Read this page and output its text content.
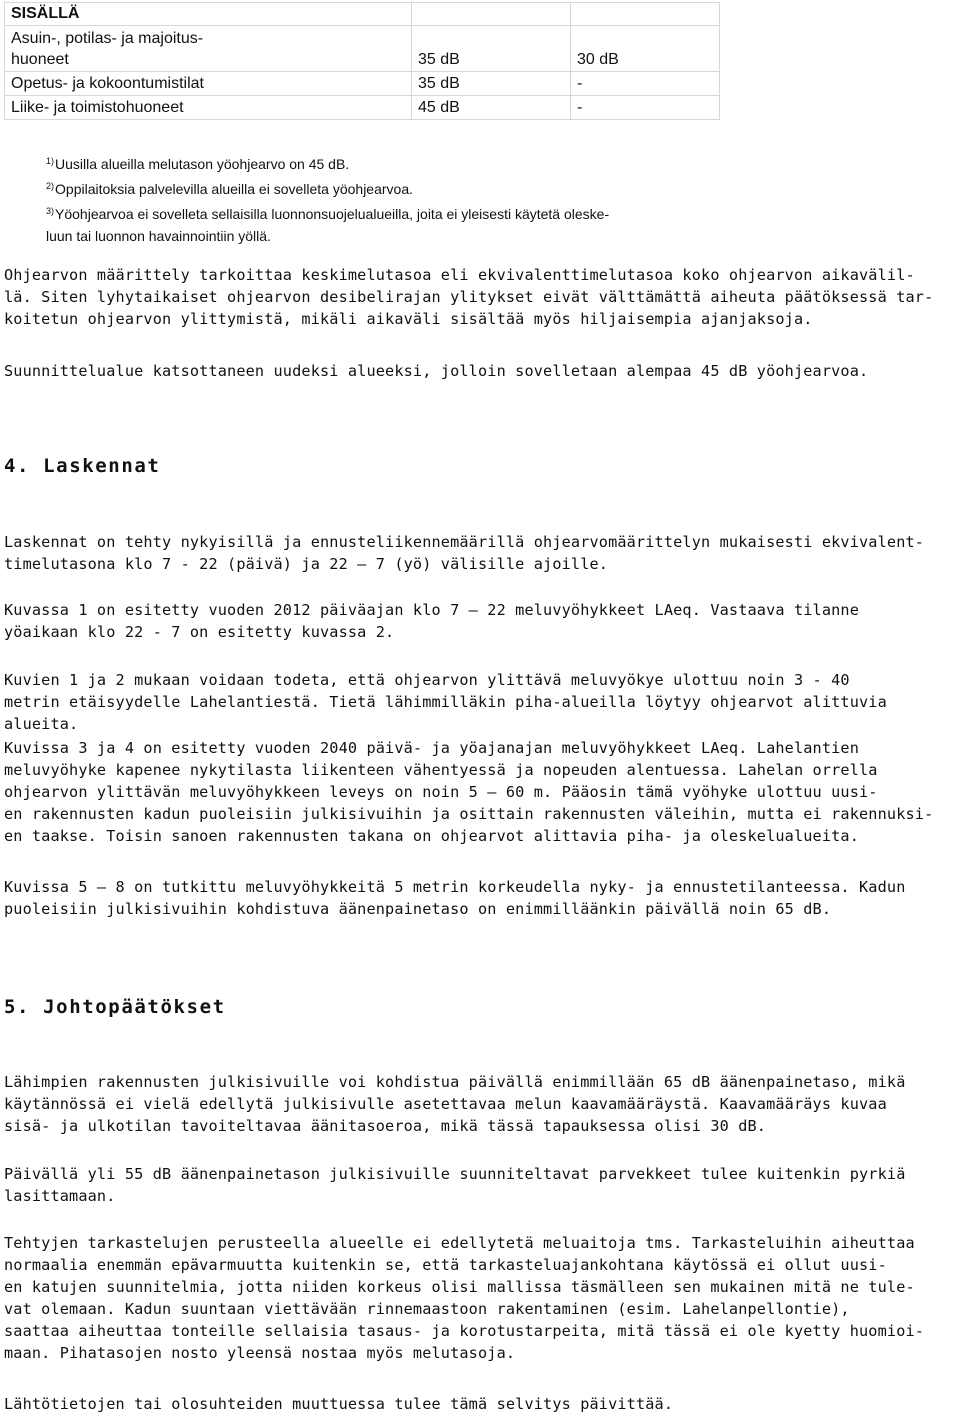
SISÄLLÄ		
Asuin-, potilas- ja majoitus-
huoneet	35 dB	30 dB
Opetus- ja kokoontumistilat	35 dB	-
Liike- ja toimistohuoneet	45 dB	-

$^{1)}$Uusilla alueilla melutason yöohjearvo on 45 dB.

$^{2)}$Oppilaitoksia palvelevilla alueilla ei sovelleta yöohjearvoa.

$^{3)}$Yöohjearvoa ei sovelleta sellaisilla luonnonsuojelualueilla, joita ei yleisesti käytetä oleske-

luun tai luonnon havainnointiin yöllä.

Ohjearvon määrittely tarkoittaa keskimelutasoa eli ekvivalenttimelutasoa koko ohjearvon aikavälil-

lä. Siten lyhytaikaiset ohjearvon desibelirajan ylitykset eivät välttämättä aiheuta päätöksessä tar-

koitetun ohjearvon ylittymistä, mikäli aikaväli sisältää myös hiljaisempia ajanjaksoja.

Suunnittelualue katsottaneen uudeksi alueeksi, jolloin sovelletaan alempaa 45 dB yöohjearvoa.

4. Laskennat

Laskennat on tehty nykyisillä ja ennusteliikennemäärillä ohjearvomäärittelyn mukaisesti ekvivalent-

timelutasona klo 7 - 22 (päivä) ja 22 — 7 (yö) välisille ajoille.

Kuvassa 1 on esitetty vuoden 2012 päiväajan klo 7 — 22 meluvyöhykkeet LAeq. Vastaava tilanne

yöaikaan klo 22 - 7 on esitetty kuvassa 2.

Kuvien 1 ja 2 mukaan voidaan todeta, että ohjearvon ylittävä meluvyökye ulottuu noin 3 - 40

metrin etäisyydelle Lahelantiestä. Tietä lähimmilläkin piha-alueilla löytyy ohjearvot alittuvia alueita.

Kuvissa 3 ja 4 on esitetty vuoden 2040 päivä- ja yöajanajan meluvyöhykkeet LAeq. Lahelantien

meluvyöhyke kapenee nykytilasta liikenteen vähentyessä ja nopeuden alentuessa. Lahelan orrella

ohjearvon ylittävän meluvyöhykkeen leveys on noin 5 — 60 m. Pääosin tämä vyöhyke ulottuu uusi-

en rakennusten kadun puoleisiin julkisivuihin ja osittain rakennusten väleihin, mutta ei rakennuksi-

en taakse. Toisin sanoen rakennusten takana on ohjearvot alittavia piha- ja oleskelualueita.

Kuvissa 5 — 8 on tutkittu meluvyöhykkeitä 5 metrin korkeudella nyky- ja ennustetilanteessa. Kadun

puoleisiin julkisivuihin kohdistuva äänenpainetaso on enimmilläänkin päivällä noin 65 dB.

5. Johtopäätökset

Lähimpien rakennusten julkisivuille voi kohdistua päivällä enimmillään 65 dB äänenpainetaso, mikä

käytännössä ei vielä edellytä julkisivulle asetettavaa melun kaavamääräystä. Kaavamääräys kuvaa

sisä- ja ulkotilan tavoiteltavaa äänitasoeroa, mikä tässä tapauksessa olisi 30 dB.

Päivällä yli 55 dB äänenpainetason julkisivuille suunniteltavat parvekkeet tulee kuitenkin pyrkiä

lasittamaan.

Tehtyjen tarkastelujen perusteella alueelle ei edellytetä meluaitoja tms. Tarkasteluihin aiheuttaa

normaalia enemmän epävarmuutta kuitenkin se, että tarkasteluajankohtana käytössä ei ollut uusi-

en katujen suunnitelmia, jotta niiden korkeus olisi mallissa täsmälleen sen mukainen mitä ne tule-

vat olemaan. Kadun suuntaan viettävään rinnemaastoon rakentaminen (esim. Lahelanpellontie),

saattaa aiheuttaa tonteille sellaisia tasaus- ja korotustarpeita, mitä tässä ei ole kyetty huomioi-

maan. Pihatasojen nosto yleensä nostaa myös melutasoja.

Lähtötietojen tai olosuhteiden muuttuessa tulee tämä selvitys päivittää.
